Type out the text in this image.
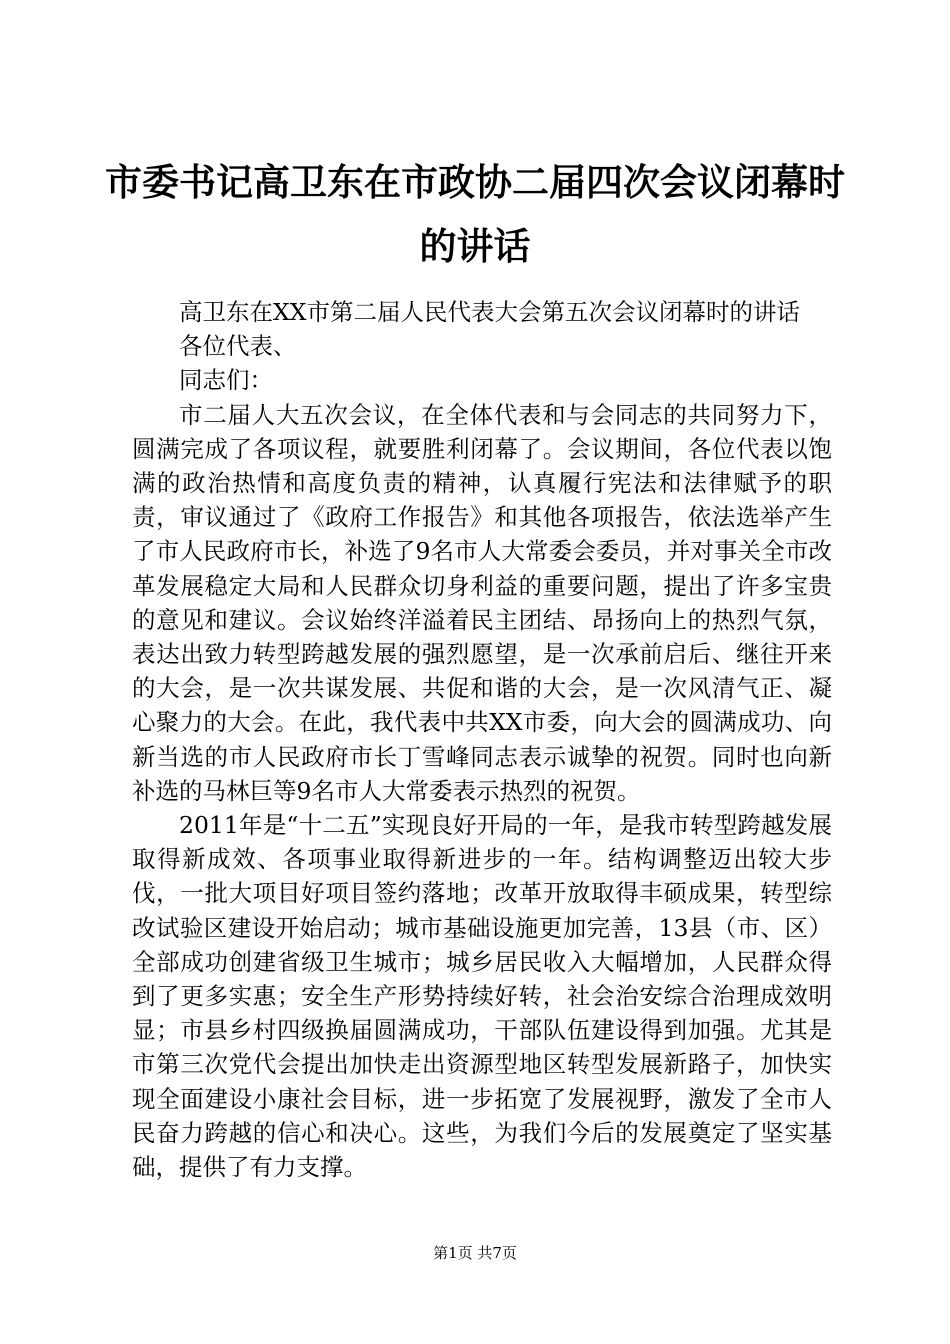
市委书记高卫东在市政协二届四次会议闭幕时的讲话

高卫东在XX市第二届人民代表大会第五次会议闭幕时的讲话

各位代表、

同志们：

市二届人大五次会议，在全体代表和与会同志的共同努力下，圆满完成了各项议程，就要胜利闭幕了。会议期间，各位代表以饱满的政治热情和高度负责的精神，认真履行宪法和法律赋予的职责，审议通过了《政府工作报告》和其他各项报告，依法选举产生了市人民政府市长，补选了9名市人大常委会委员，并对事关全市改革发展稳定大局和人民群众切身利益的重要问题，提出了许多宝贵的意见和建议。会议始终洋溢着民主团结、昂扬向上的热烈气氛，表达出致力转型跨越发展的强烈愿望，是一次承前启后、继往开来的大会，是一次共谋发展、共促和谐的大会，是一次风清气正、凝心聚力的大会。在此，我代表中共XX市委，向大会的圆满成功、向新当选的市人民政府市长丁雪峰同志表示诚挚的祝贺。同时也向新补选的马林巨等9名市人大常委表示热烈的祝贺。

2011年是“十二五”实现良好开局的一年，是我市转型跨越发展取得新成效、各项事业取得新进步的一年。结构调整迈出较大步伐，一批大项目好项目签约落地；改革开放取得丰硕成果，转型综改试验区建设开始启动；城市基础设施更加完善，13县（市、区）全部成功创建省级卫生城市；城乡居民收入大幅增加，人民群众得到了更多实惠；安全生产形势持续好转，社会治安综合治理成效明显；市县乡村四级换届圆满成功，干部队伍建设得到加强。尤其是市第三次党代会提出加快走出资源型地区转型发展新路子，加快实现全面建设小康社会目标，进一步拓宽了发展视野，激发了全市人民奋力跨越的信心和决心。这些，为我们今后的发展奠定了坚实基础，提供了有力支撑。

第1页 共7页
